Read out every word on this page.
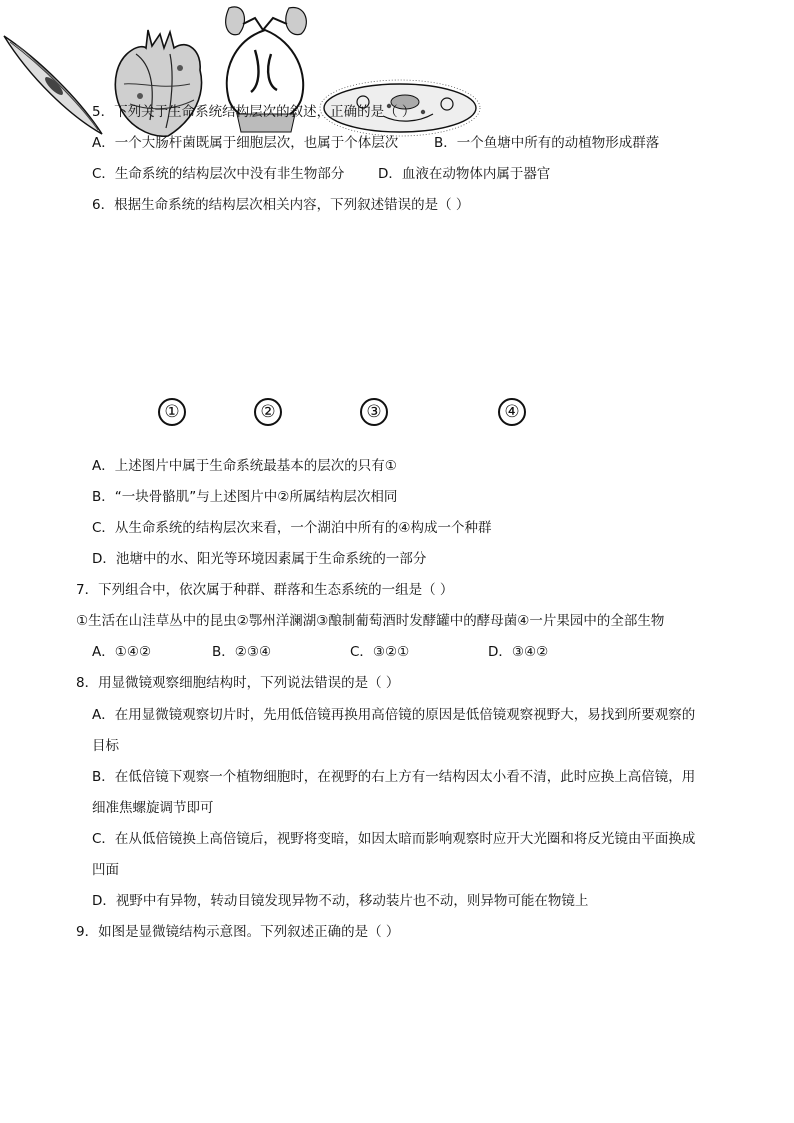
5．下列关于生命系统结构层次的叙述，正确的是（ ）
A．一个大肠杆菌既属于细胞层次，也属于个体层次	B．一个鱼塘中所有的动植物形成群落
C．生命系统的结构层次中没有非生物部分 D．血液在动物体内属于器官
6．根据生命系统的结构层次相关内容，下列叙述错误的是（ ）

①	②	③	④
A．上述图片中属于生命系统最基本的层次的只有①
B．“一块骨骼肌”与上述图片中②所属结构层次相同
C．从生命系统的结构层次来看，一个湖泊中所有的④构成一个种群
D．池塘中的水、阳光等环境因素属于生命系统的一部分
7．下列组合中，依次属于种群、群落和生态系统的一组是（ ）
①生活在山洼草丛中的昆虫②鄂州洋澜湖③酿制葡萄酒时发酵罐中的酵母菌④一片果园中的全部生物
A．①④②	B．②③④	C．③②①	D．③④②
8．用显微镜观察细胞结构时，下列说法错误的是（ ）
A．在用显微镜观察切片时，先用低倍镜再换用高倍镜的原因是低倍镜观察视野大，易找到所要观察的
目标
B．在低倍镜下观察一个植物细胞时，在视野的右上方有一结构因太小看不清，此时应换上高倍镜，用
细准焦螺旋调节即可
C．在从低倍镜换上高倍镜后，视野将变暗，如因太暗而影响观察时应开大光圈和将反光镜由平面换成
凹面
D．视野中有异物，转动目镜发现异物不动，移动装片也不动，则异物可能在物镜上
9．如图是显微镜结构示意图。下列叙述正确的是（ ）
